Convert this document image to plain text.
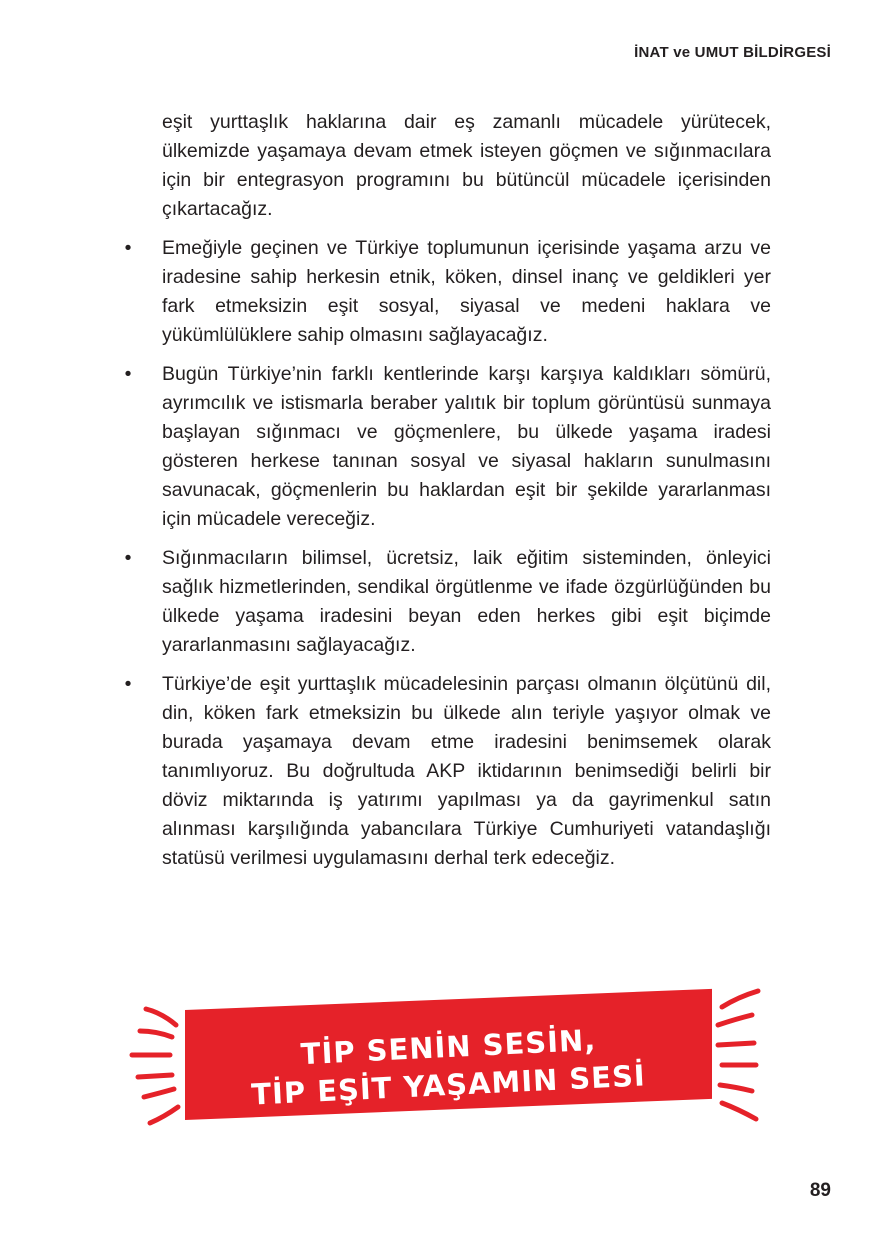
İNAT ve UMUT BİLDİRGESİ

eşit yurttaşlık haklarına dair eş zamanlı mücadele yürütecek, ülkemizde yaşamaya devam etmek isteyen göçmen ve sığınmacılara için bir entegrasyon programını bu bütüncül mücadele içerisinden çıkartacağız.

• Emeğiyle geçinen ve Türkiye toplumunun içerisinde yaşama arzu ve iradesine sahip herkesin etnik, köken, dinsel inanç ve geldikleri yer fark etmeksizin eşit sosyal, siyasal ve medeni haklara ve yükümlülüklere sahip olmasını sağlayacağız.
• Bugün Türkiye’nin farklı kentlerinde karşı karşıya kaldıkları sömürü, ayrımcılık ve istismarla beraber yalıtık bir toplum görüntüsü sunmaya başlayan sığınmacı ve göçmenlere, bu ülkede yaşama iradesi gösteren herkese tanınan sosyal ve siyasal hakların sunulmasını savunacak, göçmenlerin bu haklardan eşit bir şekilde yararlanması için mücadele vereceğiz.
• Sığınmacıların bilimsel, ücretsiz, laik eğitim sisteminden, önleyici sağlık hizmetlerinden, sendikal örgütlenme ve ifade özgürlüğünden bu ülkede yaşama iradesini beyan eden herkes gibi eşit biçimde yararlanmasını sağlayacağız.
• Türkiye’de eşit yurttaşlık mücadelesinin parçası olmanın ölçütünü dil, din, köken fark etmeksizin bu ülkede alın teriyle yaşıyor olmak ve burada yaşamaya devam etme iradesini benimsemek olarak tanımlıyoruz. Bu doğrultuda AKP iktidarının benimsediği belirli bir döviz miktarında iş yatırımı yapılması ya da gayrimenkul satın alınması karşılığında yabancılara Türkiye Cumhuriyeti vatandaşlığı statüsü verilmesi uygulamasını derhal terk edeceğiz.
TİP SENİN SESİN,
TİP EŞİT YAŞAMIN SESİ
89
